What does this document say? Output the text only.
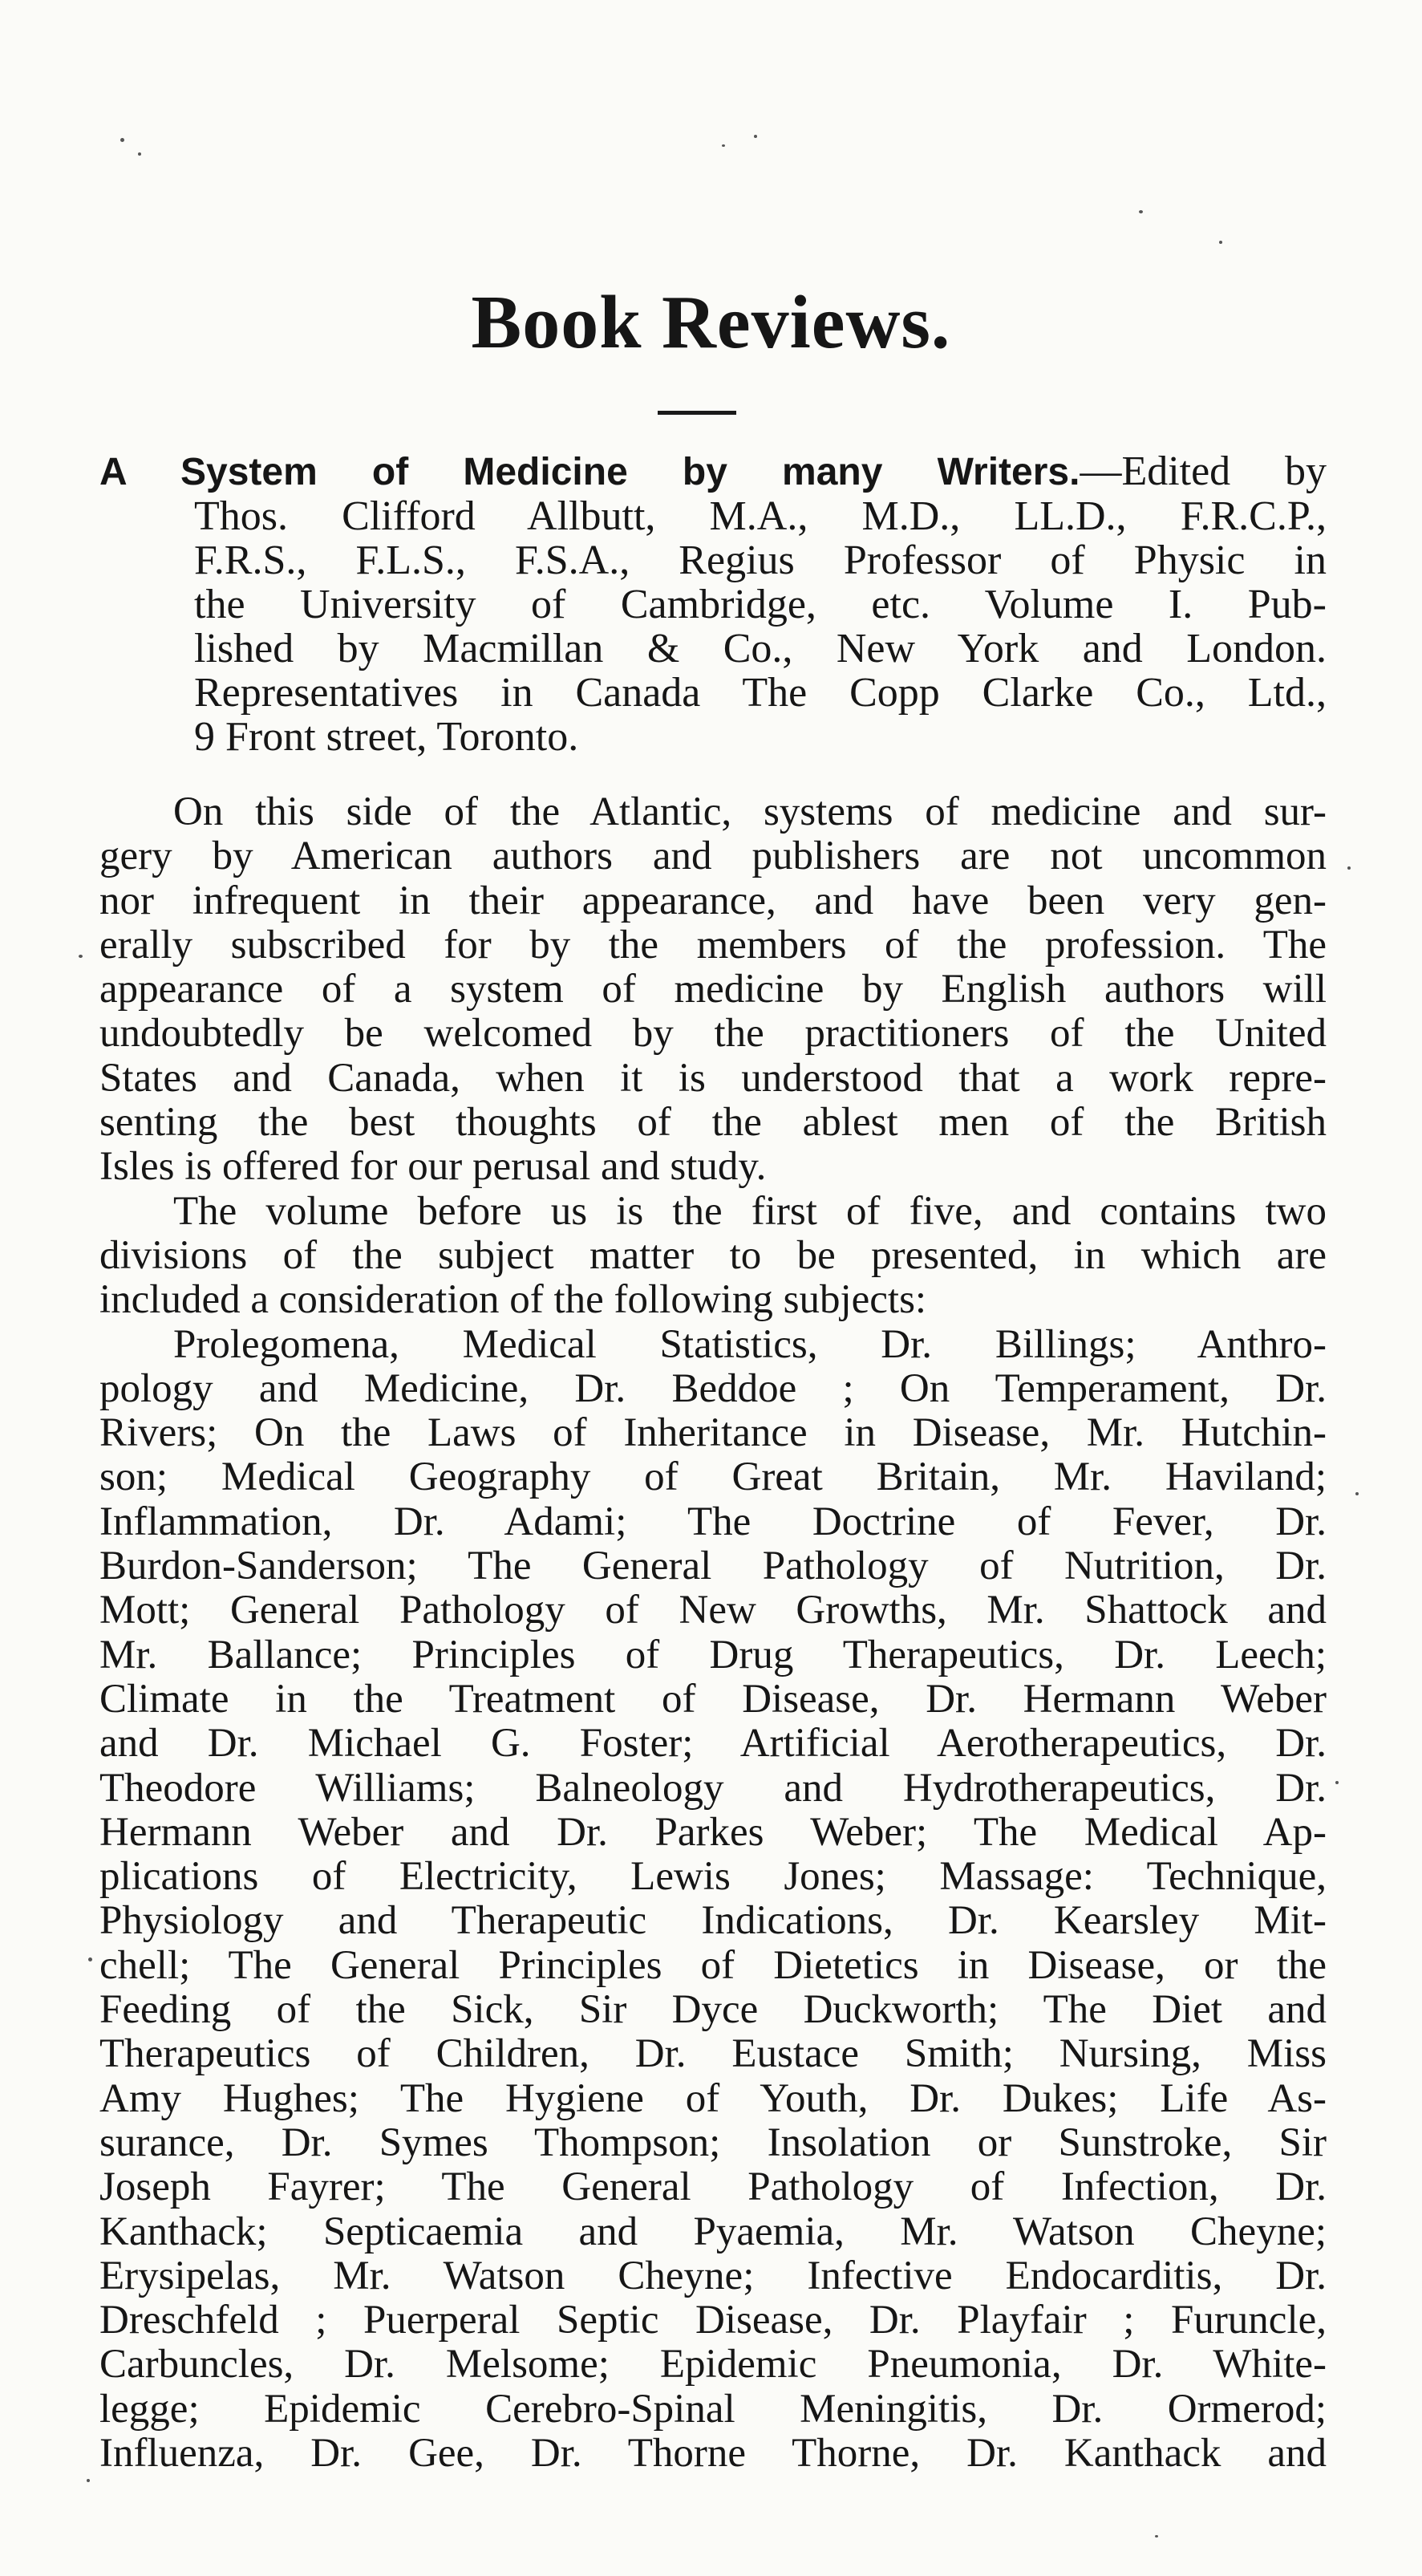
Book Reviews.
A System of Medicine by many Writers.—Edited by
Thos. Clifford Allbutt, M.A., M.D., LL.D., F.R.C.P.,
F.R.S., F.L.S., F.S.A., Regius Professor of Physic in
the University of Cambridge, etc. Volume I. Pub-
lished by Macmillan & Co., New York and London.
Representatives in Canada The Copp Clarke Co., Ltd.,
9 Front street, Toronto.
On this side of the Atlantic, systems of medicine and sur-
gery by American authors and publishers are not uncommon
nor infrequent in their appearance, and have been very gen-
erally subscribed for by the members of the profession. The
appearance of a system of medicine by English authors will
undoubtedly be welcomed by the practitioners of the United
States and Canada, when it is understood that a work repre-
senting the best thoughts of the ablest men of the British
Isles is offered for our perusal and study.
The volume before us is the first of five, and contains two
divisions of the subject matter to be presented, in which are
included a consideration of the following subjects:
Prolegomena, Medical Statistics, Dr. Billings; Anthro-
pology and Medicine, Dr. Beddoe ; On Temperament, Dr.
Rivers; On the Laws of Inheritance in Disease, Mr. Hutchin-
son; Medical Geography of Great Britain, Mr. Haviland;
Inflammation, Dr. Adami; The Doctrine of Fever, Dr.
Burdon-Sanderson; The General Pathology of Nutrition, Dr.
Mott; General Pathology of New Growths, Mr. Shattock and
Mr. Ballance; Principles of Drug Therapeutics, Dr. Leech;
Climate in the Treatment of Disease, Dr. Hermann Weber
and Dr. Michael G. Foster; Artificial Aerotherapeutics, Dr.
Theodore Williams; Balneology and Hydrotherapeutics, Dr.
Hermann Weber and Dr. Parkes Weber; The Medical Ap-
plications of Electricity, Lewis Jones; Massage: Technique,
Physiology and Therapeutic Indications, Dr. Kearsley Mit-
chell; The General Principles of Dietetics in Disease, or the
Feeding of the Sick, Sir Dyce Duckworth; The Diet and
Therapeutics of Children, Dr. Eustace Smith; Nursing, Miss
Amy Hughes; The Hygiene of Youth, Dr. Dukes; Life As-
surance, Dr. Symes Thompson; Insolation or Sunstroke, Sir
Joseph Fayrer; The General Pathology of Infection, Dr.
Kanthack; Septicaemia and Pyaemia, Mr. Watson Cheyne;
Erysipelas, Mr. Watson Cheyne; Infective Endocarditis, Dr.
Dreschfeld ; Puerperal Septic Disease, Dr. Playfair ; Furuncle,
Carbuncles, Dr. Melsome; Epidemic Pneumonia, Dr. White-
legge; Epidemic Cerebro-Spinal Meningitis, Dr. Ormerod;
Influenza, Dr. Gee, Dr. Thorne Thorne, Dr. Kanthack and
